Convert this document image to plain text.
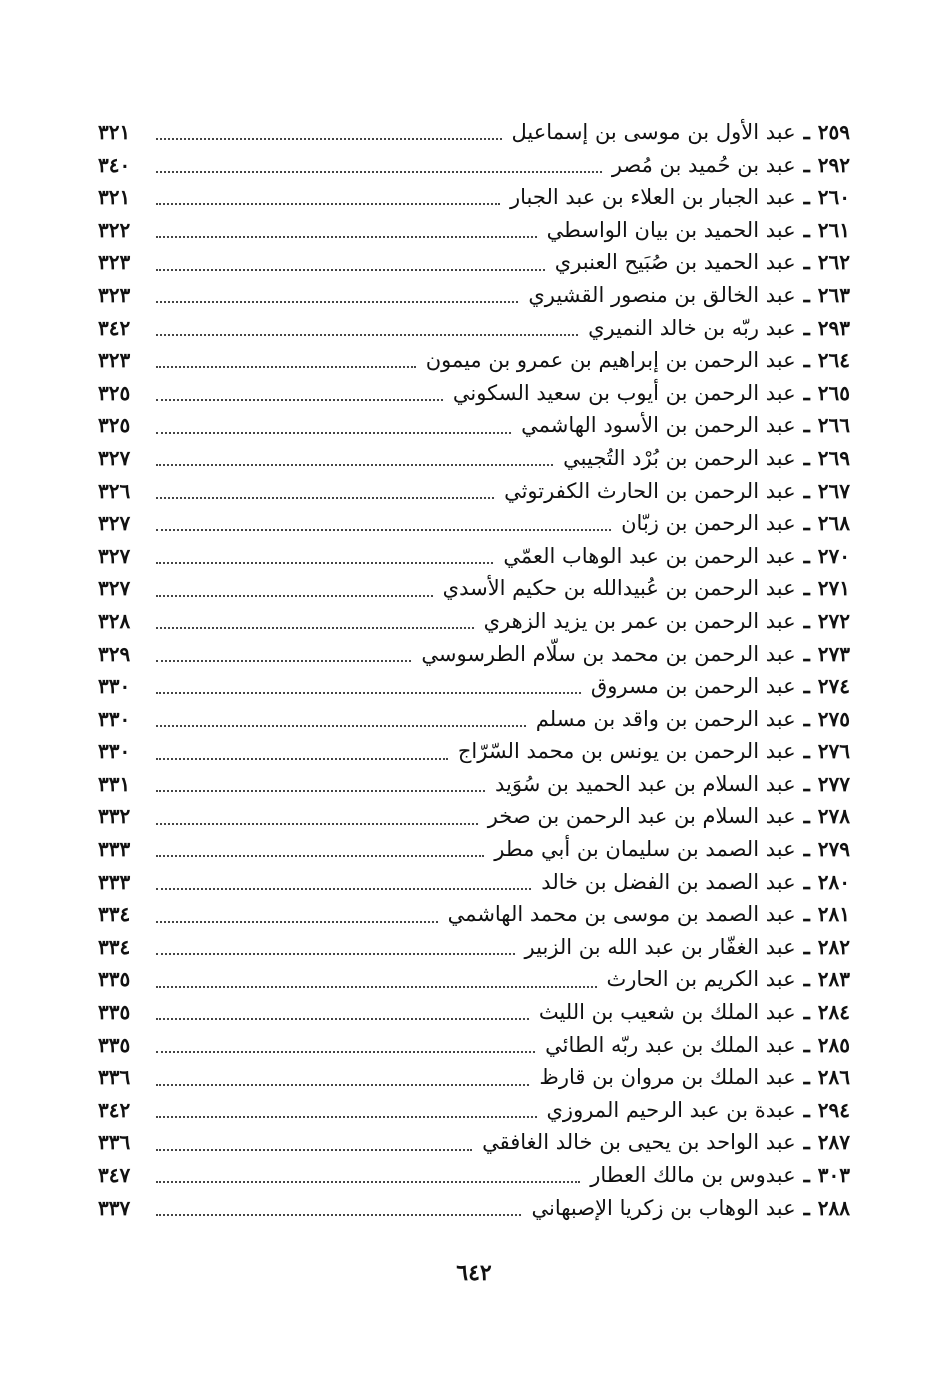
٢٥٩
ـ
عبد الأول بن موسى بن إسماعيل
٣٢١
٢٩٢
ـ
عبد بن حُميد بن مُصر
٣٤٠
٢٦٠
ـ
عبد الجبار بن العلاء بن عبد الجبار
٣٢١
٢٦١
ـ
عبد الحميد بن بيان الواسطي
٣٢٢
٢٦٢
ـ
عبد الحميد بن صُبَيح العنبري
٣٢٣
٢٦٣
ـ
عبد الخالق بن منصور القشيري
٣٢٣
٢٩٣
ـ
عبد ربّه بن خالد النميري
٣٤٢
٢٦٤
ـ
عبد الرحمن بن إبراهيم بن عمرو بن ميمون
٣٢٣
٢٦٥
ـ
عبد الرحمن بن أيوب بن سعيد السكوني
٣٢٥
٢٦٦
ـ
عبد الرحمن بن الأسود الهاشمي
٣٢٥
٢٦٩
ـ
عبد الرحمن بن بُرْد التُجيبي
٣٢٧
٢٦٧
ـ
عبد الرحمن بن الحارث الكفرتوثي
٣٢٦
٢٦٨
ـ
عبد الرحمن بن زبّان
٣٢٧
٢٧٠
ـ
عبد الرحمن بن عبد الوهاب العمّي
٣٢٧
٢٧١
ـ
عبد الرحمن بن عُبيدالله بن حكيم الأسدي
٣٢٧
٢٧٢
ـ
عبد الرحمن بن عمر بن يزيد الزهري
٣٢٨
٢٧٣
ـ
عبد الرحمن بن محمد بن سلّام الطرسوسي
٣٢٩
٢٧٤
ـ
عبد الرحمن بن مسروق
٣٣٠
٢٧٥
ـ
عبد الرحمن بن واقد بن مسلم
٣٣٠
٢٧٦
ـ
عبد الرحمن بن يونس بن محمد السّرّاج
٣٣٠
٢٧٧
ـ
عبد السلام بن عبد الحميد بن سُوَيد
٣٣١
٢٧٨
ـ
عبد السلام بن عبد الرحمن بن صخر
٣٣٢
٢٧٩
ـ
عبد الصمد بن سليمان بن أبي مطر
٣٣٣
٢٨٠
ـ
عبد الصمد بن الفضل بن خالد
٣٣٣
٢٨١
ـ
عبد الصمد بن موسى بن محمد الهاشمي
٣٣٤
٢٨٢
ـ
عبد الغفّار بن عبد الله بن الزبير
٣٣٤
٢٨٣
ـ
عبد الكريم بن الحارث
٣٣٥
٢٨٤
ـ
عبد الملك بن شعيب بن الليث
٣٣٥
٢٨٥
ـ
عبد الملك بن عبد ربّه الطائي
٣٣٥
٢٨٦
ـ
عبد الملك بن مروان بن قارظ
٣٣٦
٢٩٤
ـ
عبدة بن عبد الرحيم المروزي
٣٤٢
٢٨٧
ـ
عبد الواحد بن يحيى بن خالد الغافقي
٣٣٦
٣٠٣
ـ
عبدوس بن مالك العطار
٣٤٧
٢٨٨
ـ
عبد الوهاب بن زكريا الإصبهاني
٣٣٧
٦٤٢
